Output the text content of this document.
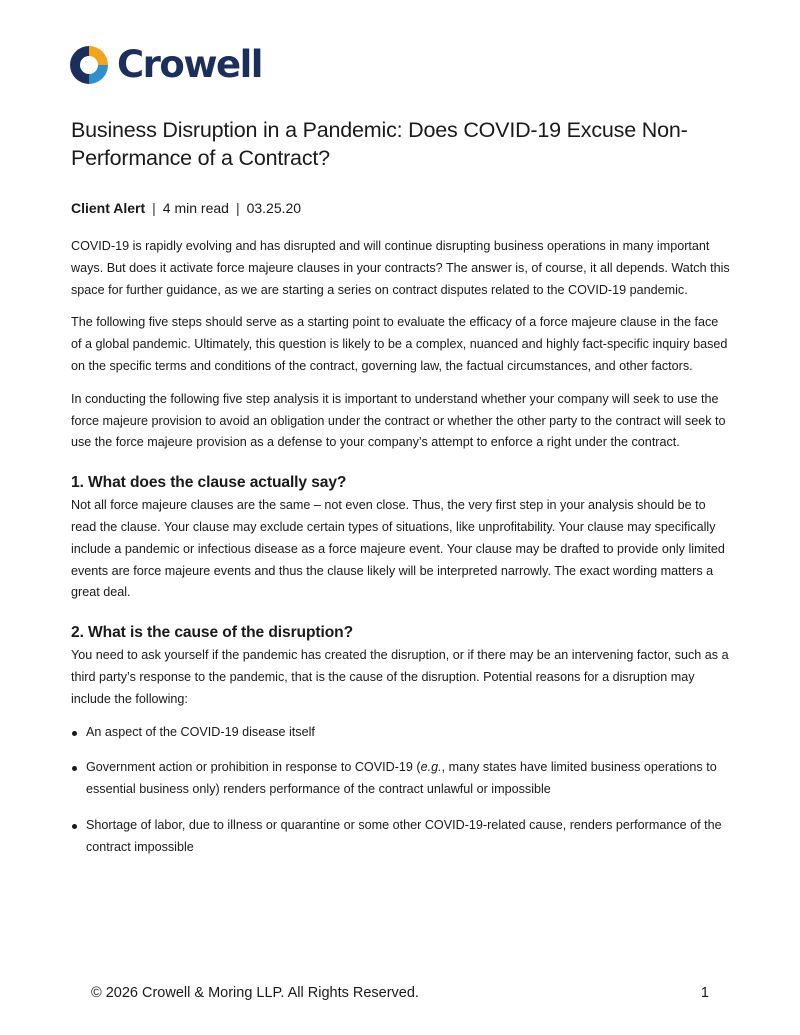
Crowell
Business Disruption in a Pandemic: Does COVID-19 Excuse Non-Performance of a Contract?
Client Alert | 4 min read | 03.25.20

COVID-19 is rapidly evolving and has disrupted and will continue disrupting business operations in many important ways. But does it activate force majeure clauses in your contracts? The answer is, of course, it all depends. Watch this space for further guidance, as we are starting a series on contract disputes related to the COVID-19 pandemic.

The following five steps should serve as a starting point to evaluate the efficacy of a force majeure clause in the face of a global pandemic. Ultimately, this question is likely to be a complex, nuanced and highly fact-specific inquiry based on the specific terms and conditions of the contract, governing law, the factual circumstances, and other factors.

In conducting the following five step analysis it is important to understand whether your company will seek to use the force majeure provision to avoid an obligation under the contract or whether the other party to the contract will seek to use the force majeure provision as a defense to your company’s attempt to enforce a right under the contract.

1. What does the clause actually say?

Not all force majeure clauses are the same – not even close. Thus, the very first step in your analysis should be to read the clause. Your clause may exclude certain types of situations, like unprofitability. Your clause may specifically include a pandemic or infectious disease as a force majeure event. Your clause may be drafted to provide only limited events are force majeure events and thus the clause likely will be interpreted narrowly. The exact wording matters a great deal.

2. What is the cause of the disruption?

You need to ask yourself if the pandemic has created the disruption, or if there may be an intervening factor, such as a third party’s response to the pandemic, that is the cause of the disruption. Potential reasons for a disruption may include the following:

An aspect of the COVID-19 disease itself
Government action or prohibition in response to COVID-19 (e.g., many states have limited business operations to essential business only) renders performance of the contract unlawful or impossible
Shortage of labor, due to illness or quarantine or some other COVID-19-related cause, renders performance of the contract impossible
© 2026 Crowell & Moring LLP. All Rights Reserved.	1
